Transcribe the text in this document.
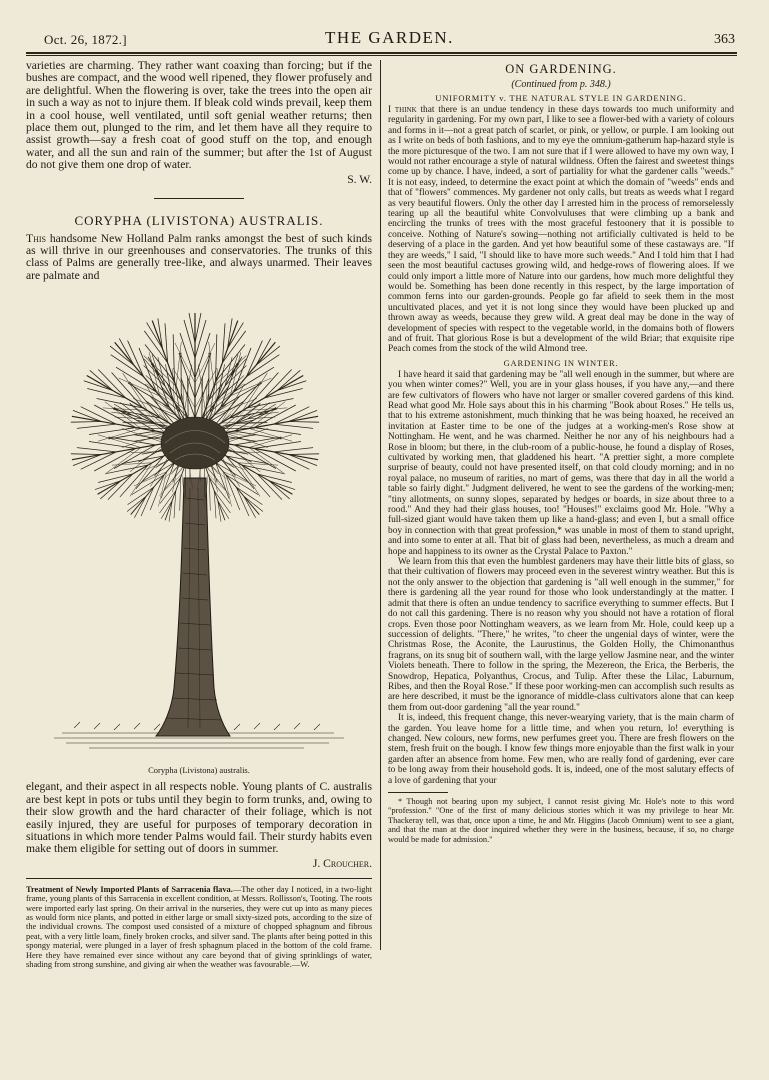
Oct. 26, 1872.]	THE GARDEN.	363

varieties are charming. They rather want coaxing than forcing; but if the bushes are compact, and the wood well ripened, they flower profusely and are delightful. When the flowering is over, take the trees into the open air in such a way as not to injure them. If bleak cold winds prevail, keep them in a cool house, well ventilated, until soft genial weather returns; then place them out, plunged to the rim, and let them have all they require to assist growth—say a fresh coat of good stuff on the top, and enough water, and all the sun and rain of the summer; but after the 1st of August do not give them one drop of water.

S. W.
CORYPHA (LIVISTONA) AUSTRALIS.

This handsome New Holland Palm ranks amongst the best of such kinds as will thrive in our greenhouses and conservatories. The trunks of this class of Palms are generally tree-like, and always unarmed. Their leaves are palmate and

Corypha (Livistona) australis.

elegant, and their aspect in all respects noble. Young plants of C. australis are best kept in pots or tubs until they begin to form trunks, and, owing to their slow growth and the hard character of their foliage, which is not easily injured, they are useful for purposes of temporary decoration in situations in which more tender Palms would fail. Their sturdy habits even make them eligible for setting out of doors in summer.

J. Croucher.

Treatment of Newly Imported Plants of Sarracenia flava.—The other day I noticed, in a two-light frame, young plants of this Sarracenia in excellent condition, at Messrs. Rollisson's, Tooting. The roots were imported early last spring. On their arrival in the nurseries, they were cut up into as many pieces as would form nice plants, and potted in either large or small sixty-sized pots, according to the size of the individual crowns. The compost used consisted of a mixture of chopped sphagnum and fibrous peat, with a very little loam, finely broken crocks, and silver sand. The plants after being potted in this spongy material, were plunged in a layer of fresh sphagnum placed in the bottom of the cold frame. Here they have remained ever since without any care beyond that of giving sprinklings of water, shading from strong sunshine, and giving air when the weather was favourable.—W.

ON GARDENING.
(Continued from p. 348.)
UNIFORMITY v. THE NATURAL STYLE IN GARDENING.

I think that there is an undue tendency in these days towards too much uniformity and regularity in gardening. For my own part, I like to see a flower-bed with a variety of colours and forms in it—not a great patch of scarlet, or pink, or yellow, or purple. I am looking out as I write on beds of both fashions, and to my eye the omnium-gatherum hap-hazard style is the more picturesque of the two. I am not sure that if I were allowed to have my own way, I would not rather encourage a style of natural wildness. Often the fairest and sweetest things come up by chance. I have, indeed, a sort of partiality for what the gardener calls "weeds." It is not easy, indeed, to determine the exact point at which the domain of "weeds" ends and that of "flowers" commences. My gardener not only calls, but treats as weeds what I regard as very beautiful flowers. Only the other day I arrested him in the process of remorselessly tearing up all the beautiful white Convolvuluses that were climbing up a bank and encircling the trunks of trees with the most graceful festoonery that it is possible to conceive. Nothing of Nature's sowing—nothing not artificially cultivated is held to be deserving of a place in the garden. And yet how beautiful some of these castaways are. "If they are weeds," I said, "I should like to have more such weeds." And I told him that I had seen the most beautiful cactuses growing wild, and hedge-rows of flowering aloes. If we could only import a little more of Nature into our gardens, how much more delightful they would be. Something has been done recently in this respect, by the large importation of common ferns into our garden-grounds. People go far afield to seek them in the most uncultivated places, and yet it is not long since they would have been plucked up and thrown away as weeds, because they grew wild. A great deal may be done in the way of development of species with respect to the vegetable world, in the domains both of flowers and of fruit. That glorious Rose is but a development of the wild Briar; that exquisite ripe Peach comes from the stock of the wild Almond tree.

GARDENING IN WINTER.

I have heard it said that gardening may be "all well enough in the summer, but where are you when winter comes?" Well, you are in your glass houses, if you have any,—and there are few cultivators of flowers who have not larger or smaller covered gardens of this kind. Read what good Mr. Hole says about this in his charming "Book about Roses." He tells us, that to his extreme astonishment, much thinking that he was being hoaxed, he received an invitation at Easter time to be one of the judges at a working-men's Rose show at Nottingham. He went, and he was charmed. Neither he nor any of his neighbours had a Rose in bloom; but there, in the club-room of a public-house, he found a display of Roses, cultivated by working men, that gladdened his heart. "A prettier sight, a more complete surprise of beauty, could not have presented itself, on that cold cloudy morning; and in no royal palace, no museum of rarities, no mart of gems, was there that day in all the world a table so fairly dight." Judgment delivered, he went to see the gardens of the working-men; "tiny allotments, on sunny slopes, separated by hedges or boards, in size about three to a rood." And they had their glass houses, too! "Houses!" exclaims good Mr. Hole. "Why a full-sized giant would have taken them up like a hand-glass; and even I, but a small office boy in connection with that great profession,* was unable in most of them to stand upright, and into some to enter at all. That bit of glass had been, nevertheless, as much a dream and hope and happiness to its owner as the Crystal Palace to Paxton."

We learn from this that even the humblest gardeners may have their little bits of glass, so that their cultivation of flowers may proceed even in the severest wintry weather. But this is not the only answer to the objection that gardening is "all well enough in the summer," for there is gardening all the year round for those who look understandingly at the matter. I admit that there is often an undue tendency to sacrifice everything to summer effects. But I do not call this gardening. There is no reason why you should not have a rotation of floral crops. Even those poor Nottingham weavers, as we learn from Mr. Hole, could keep up a succession of delights. "There," he writes, "to cheer the ungenial days of winter, were the Christmas Rose, the Aconite, the Laurustinus, the Golden Holly, the Chimonanthus fragrans, on its snug bit of southern wall, with the large yellow Jasmine near, and the winter Violets beneath. There to follow in the spring, the Mezereon, the Erica, the Berberis, the Snowdrop, Hepatica, Polyanthus, Crocus, and Tulip. After these the Lilac, Laburnum, Ribes, and then the Royal Rose." If these poor working-men can accomplish such results as are here described, it must be the ignorance of middle-class cultivators alone that can keep them from out-door gardening "all the year round."

It is, indeed, this frequent change, this never-wearying variety, that is the main charm of the garden. You leave home for a little time, and when you return, lo! everything is changed. New colours, new forms, new perfumes greet you. There are fresh flowers on the stem, fresh fruit on the bough. I know few things more enjoyable than the first walk in your garden after an absence from home. Few men, who are really fond of gardening, ever care to be long away from their household gods. It is, indeed, one of the most salutary effects of a love of gardening that your

* Though not bearing upon my subject, I cannot resist giving Mr. Hole's note to this word "profession." "One of the first of many delicious stories which it was my privilege to hear Mr. Thackeray tell, was that, once upon a time, he and Mr. Higgins (Jacob Omnium) went to see a giant, and that the man at the door inquired whether they were in the business, because, if so, no charge would be made for admission."
